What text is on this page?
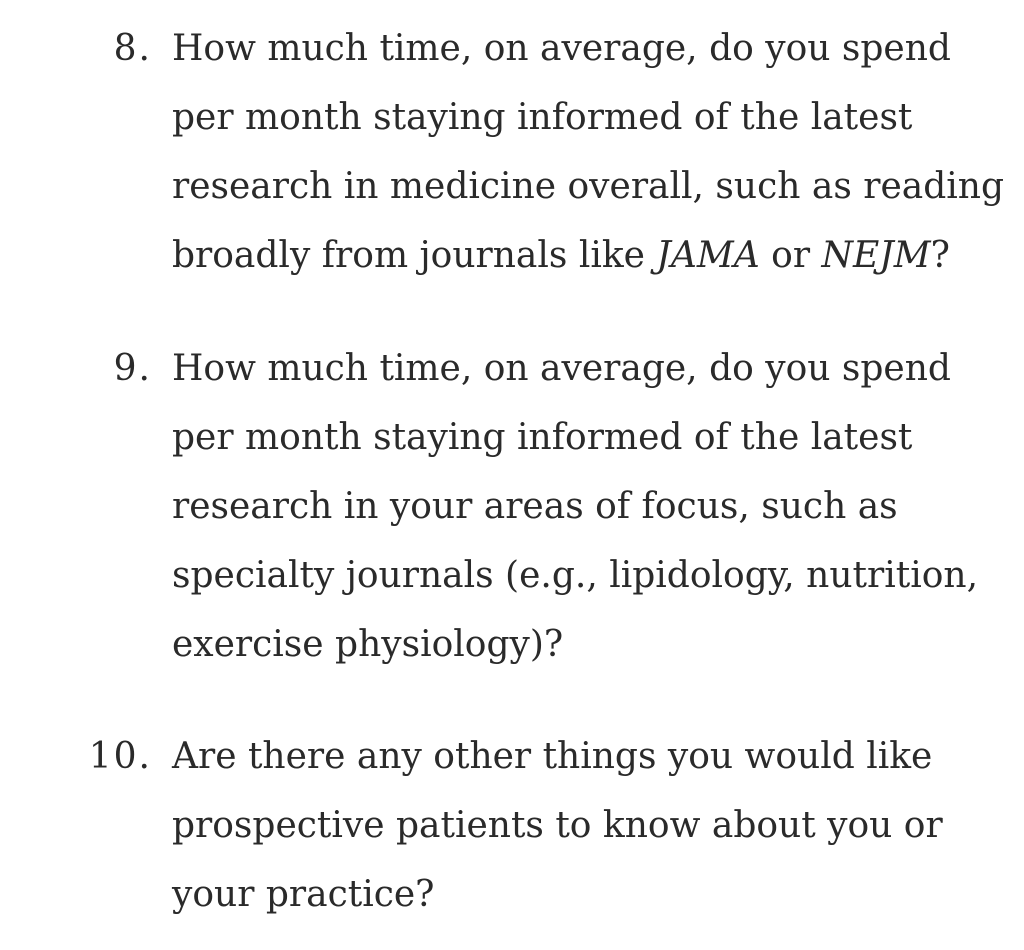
8. How much time, on average, do you spend
per month staying informed of the latest
research in medicine overall, such as reading
broadly from journals like JAMA or NEJM?

9. How much time, on average, do you spend
per month staying informed of the latest
research in your areas of focus, such as
specialty journals (e.g., lipidology, nutrition,
exercise physiology)?

10. Are there any other things you would like
prospective patients to know about you or
your practice?
